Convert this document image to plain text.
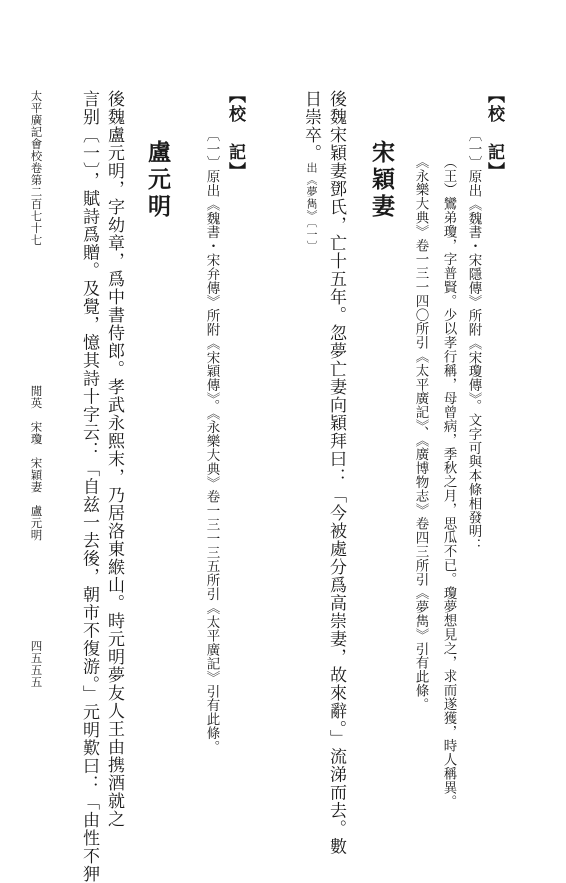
【校　記】
〔一〕原出《魏書・宋隱傳》所附《宋瓊傳》。文字可與本條相發明：
（王）鸞弟瓊，字普賢。少以孝行稱，母曾病，季秋之月，思瓜不已。瓊夢想見之，求而遂獲，時人稱異。
《永樂大典》卷一三一四〇所引《太平廣記》、《廣博物志》卷四三所引《夢雋》引有此條。
宋穎妻
後魏宋穎妻鄧氏，亡十五年。忽夢亡妻向穎拜曰：「今被處分爲高崇妻，故來辭。」流涕而去。數
日崇卒。出《夢雋》〔一〕
【校　記】
〔一〕原出《魏書・宋弁傳》所附《宋穎傳》。《永樂大典》卷一三一三五所引《太平廣記》引有此條。
盧元明
後魏盧元明，字幼章，爲中書侍郎。孝武永熙末，乃居洛東緱山。時元明夢友人王由携酒就之
言别〔一〕，賦詩爲贈。及覺，憶其詩十字云：「自兹一去後，朝市不復游。」元明歎曰：「由性不狎
太平廣記會校卷第二百七十七
閒英　宋瓊　宋穎妻　盧元明
四五五五
